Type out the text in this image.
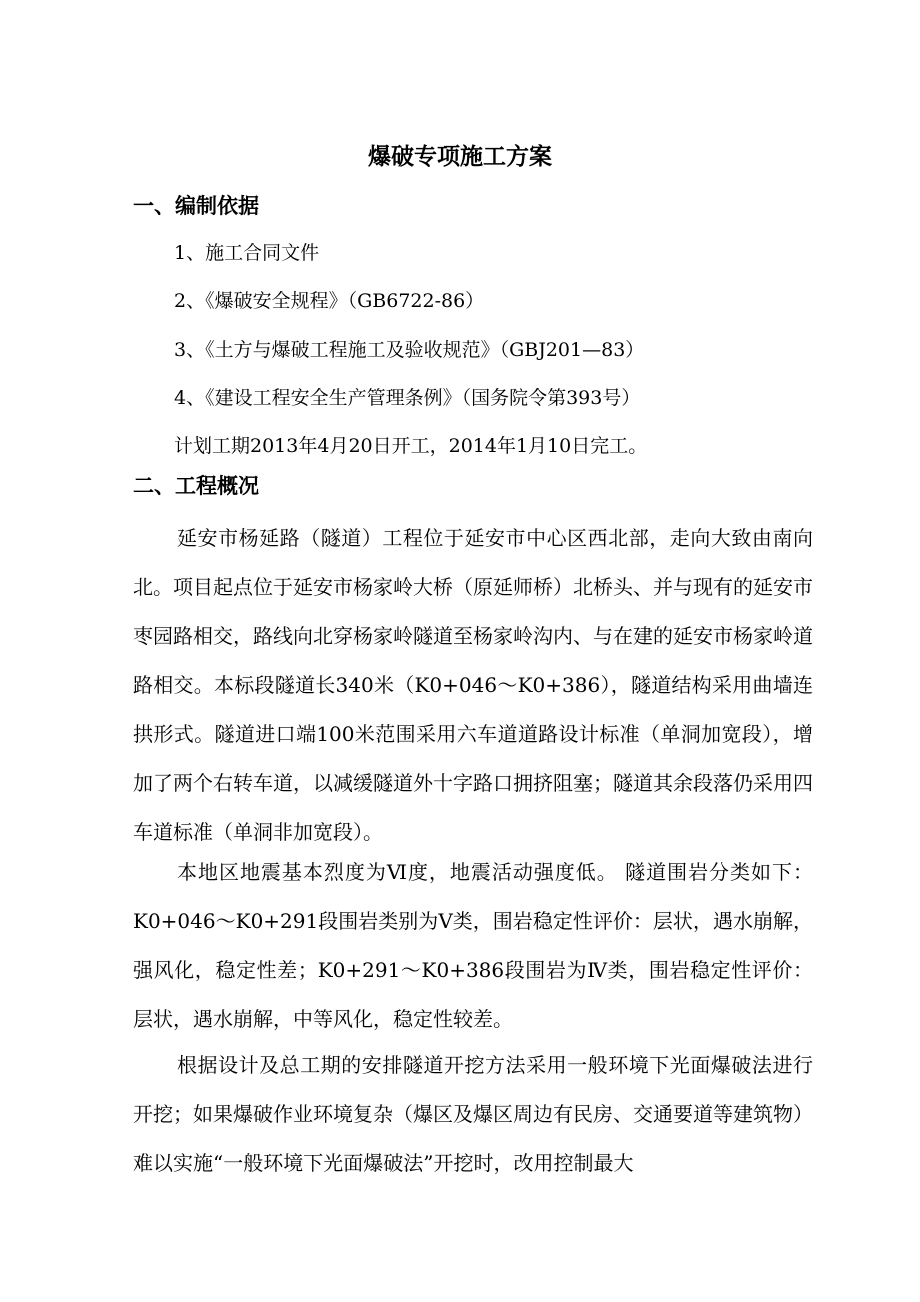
爆破专项施工方案
一、编制依据

1、施工合同文件

2、《爆破安全规程》（GB6722-86）

3、《土方与爆破工程施工及验收规范》（GBJ201—83）

4、《建设工程安全生产管理条例》（国务院令第393号）

计划工期2013年4月20日开工，2014年1月10日完工。

二、工程概况

延安市杨延路（隧道）工程位于延安市中心区西北部，走向大致由南向北。项目起点位于延安市杨家岭大桥（原延师桥）北桥头、并与现有的延安市枣园路相交，路线向北穿杨家岭隧道至杨家岭沟内、与在建的延安市杨家岭道路相交。本标段隧道长340米（K0+046～K0+386），隧道结构采用曲墙连拱形式。隧道进口端100米范围采用六车道道路设计标准（单洞加宽段），增加了两个右转车道，以减缓隧道外十字路口拥挤阻塞；隧道其余段落仍采用四车道标准（单洞非加宽段）。

本地区地震基本烈度为Ⅵ度，地震活动强度低。 隧道围岩分类如下：K0+046～K0+291段围岩类别为Ⅴ类，围岩稳定性评价：层状，遇水崩解，强风化，稳定性差；K0+291～K0+386段围岩为Ⅳ类，围岩稳定性评价：层状，遇水崩解，中等风化，稳定性较差。

根据设计及总工期的安排隧道开挖方法采用一般环境下光面爆破法进行开挖；如果爆破作业环境复杂（爆区及爆区周边有民房、交通要道等建筑物）难以实施“一般环境下光面爆破法”开挖时，改用控制最大
